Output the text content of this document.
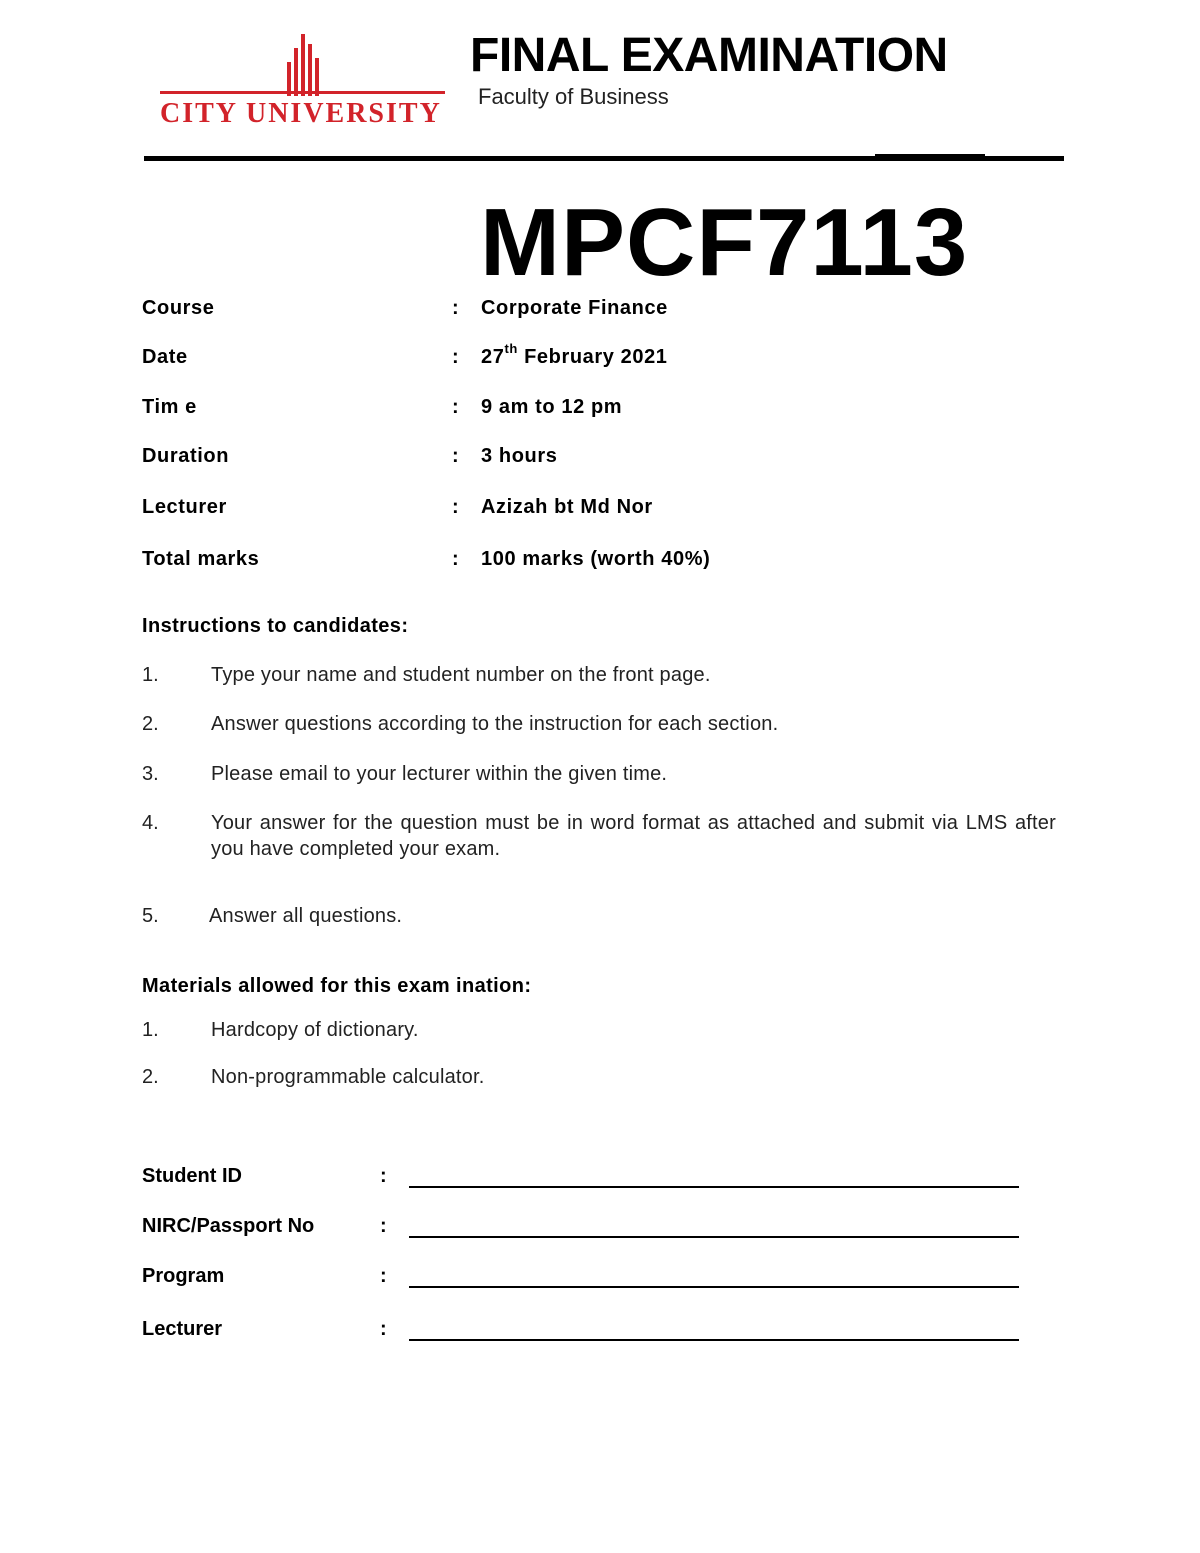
CITY UNIVERSITY
FINAL EXAMINATION
Faculty of Business
MPCF7113
Course	: Corporate Finance
Date	: 27th February 2021
Tim e	: 9 am to 12 pm
Duration	: 3 hours
Lecturer	: Azizah bt Md Nor
Total marks	: 100 marks (worth 40%)
Instructions to candidates:
1.	Type your name and student number on the front page.
2.	Answer questions according to the instruction for each section.
3.	Please email to your lecturer within the given time.
4.	Your answer for the question must be in word format as attached and submit via LMS after you have completed your exam.
5.	Answer all questions.
Materials allowed for this exam ination:
1.	Hardcopy of dictionary.
2.	Non-programmable calculator.
Student ID	:
NIRC/Passport No	:
Program	:
Lecturer	:
